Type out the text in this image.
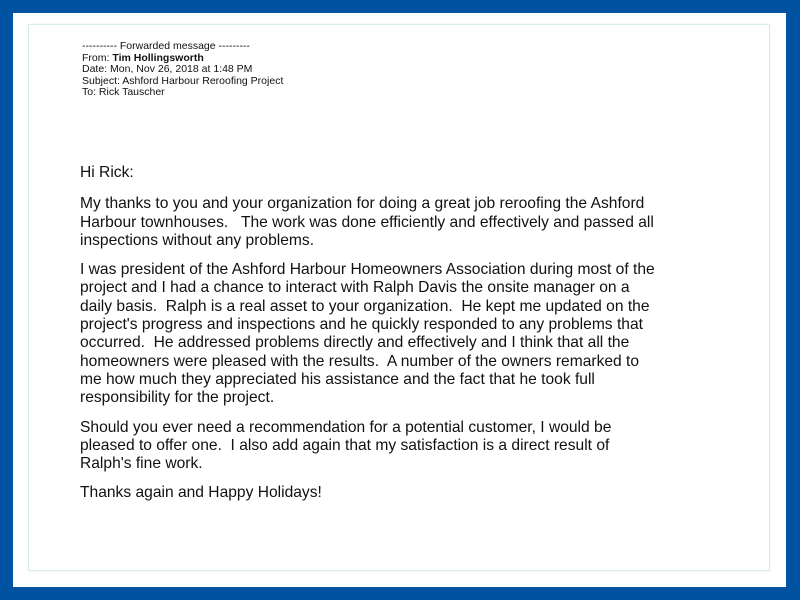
---------- Forwarded message ---------
From: Tim Hollingsworth
Date: Mon, Nov 26, 2018 at 1:48 PM
Subject: Ashford Harbour Reroofing Project
To: Rick Tauscher

Hi Rick:

My thanks to you and your organization for doing a great job reroofing the Ashford
Harbour townhouses.   The work was done efficiently and effectively and passed all
inspections without any problems.

I was president of the Ashford Harbour Homeowners Association during most of the
project and I had a chance to interact with Ralph Davis the onsite manager on a
daily basis.  Ralph is a real asset to your organization.  He kept me updated on the
project's progress and inspections and he quickly responded to any problems that
occurred.  He addressed problems directly and effectively and I think that all the
homeowners were pleased with the results.  A number of the owners remarked to
me how much they appreciated his assistance and the fact that he took full
responsibility for the project.

Should you ever need a recommendation for a potential customer, I would be
pleased to offer one.  I also add again that my satisfaction is a direct result of
Ralph's fine work.

Thanks again and Happy Holidays!
